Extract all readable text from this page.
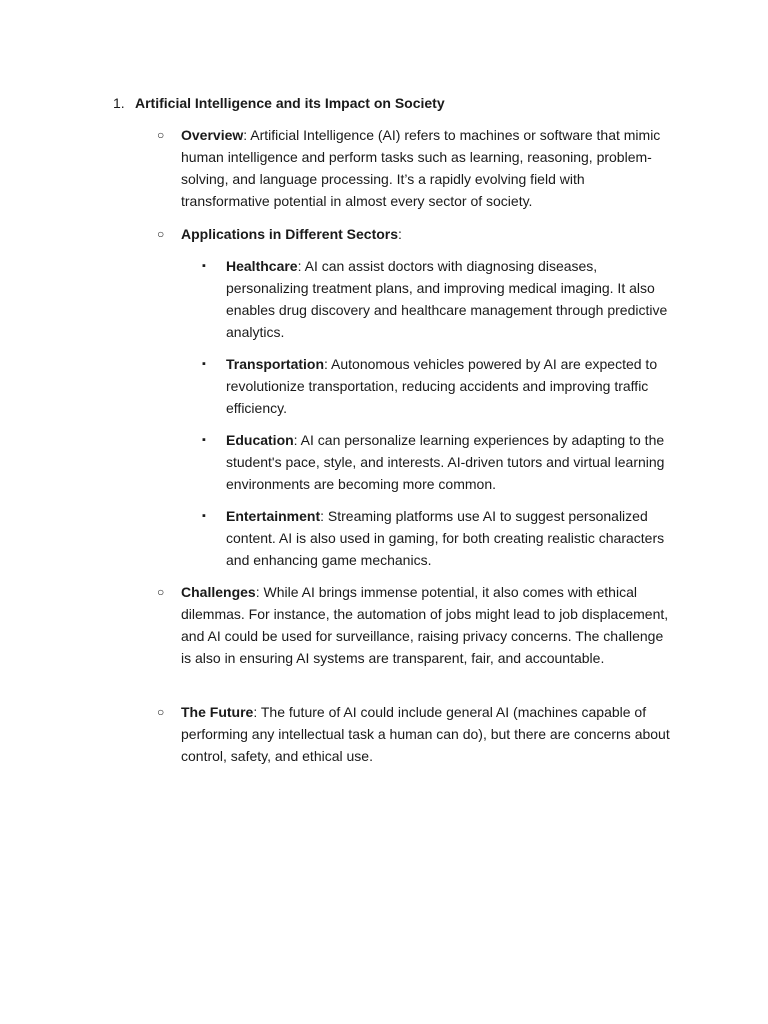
1. Artificial Intelligence and its Impact on Society
○	Overview: Artificial Intelligence (AI) refers to machines or software that mimic human intelligence and perform tasks such as learning, reasoning, problem-solving, and language processing. It’s a rapidly evolving field with transformative potential in almost every sector of society.

○	Applications in Different Sectors:

▪	Healthcare: AI can assist doctors with diagnosing diseases, personalizing treatment plans, and improving medical imaging. It also enables drug discovery and healthcare management through predictive analytics.

▪	Transportation: Autonomous vehicles powered by AI are expected to revolutionize transportation, reducing accidents and improving traffic efficiency.

▪	Education: AI can personalize learning experiences by adapting to the student's pace, style, and interests. AI-driven tutors and virtual learning environments are becoming more common.

▪	Entertainment: Streaming platforms use AI to suggest personalized content. AI is also used in gaming, for both creating realistic characters and enhancing game mechanics.

○	Challenges: While AI brings immense potential, it also comes with ethical dilemmas. For instance, the automation of jobs might lead to job displacement, and AI could be used for surveillance, raising privacy concerns. The challenge is also in ensuring AI systems are transparent, fair, and accountable.

○	The Future: The future of AI could include general AI (machines capable of performing any intellectual task a human can do), but there are concerns about control, safety, and ethical use.
